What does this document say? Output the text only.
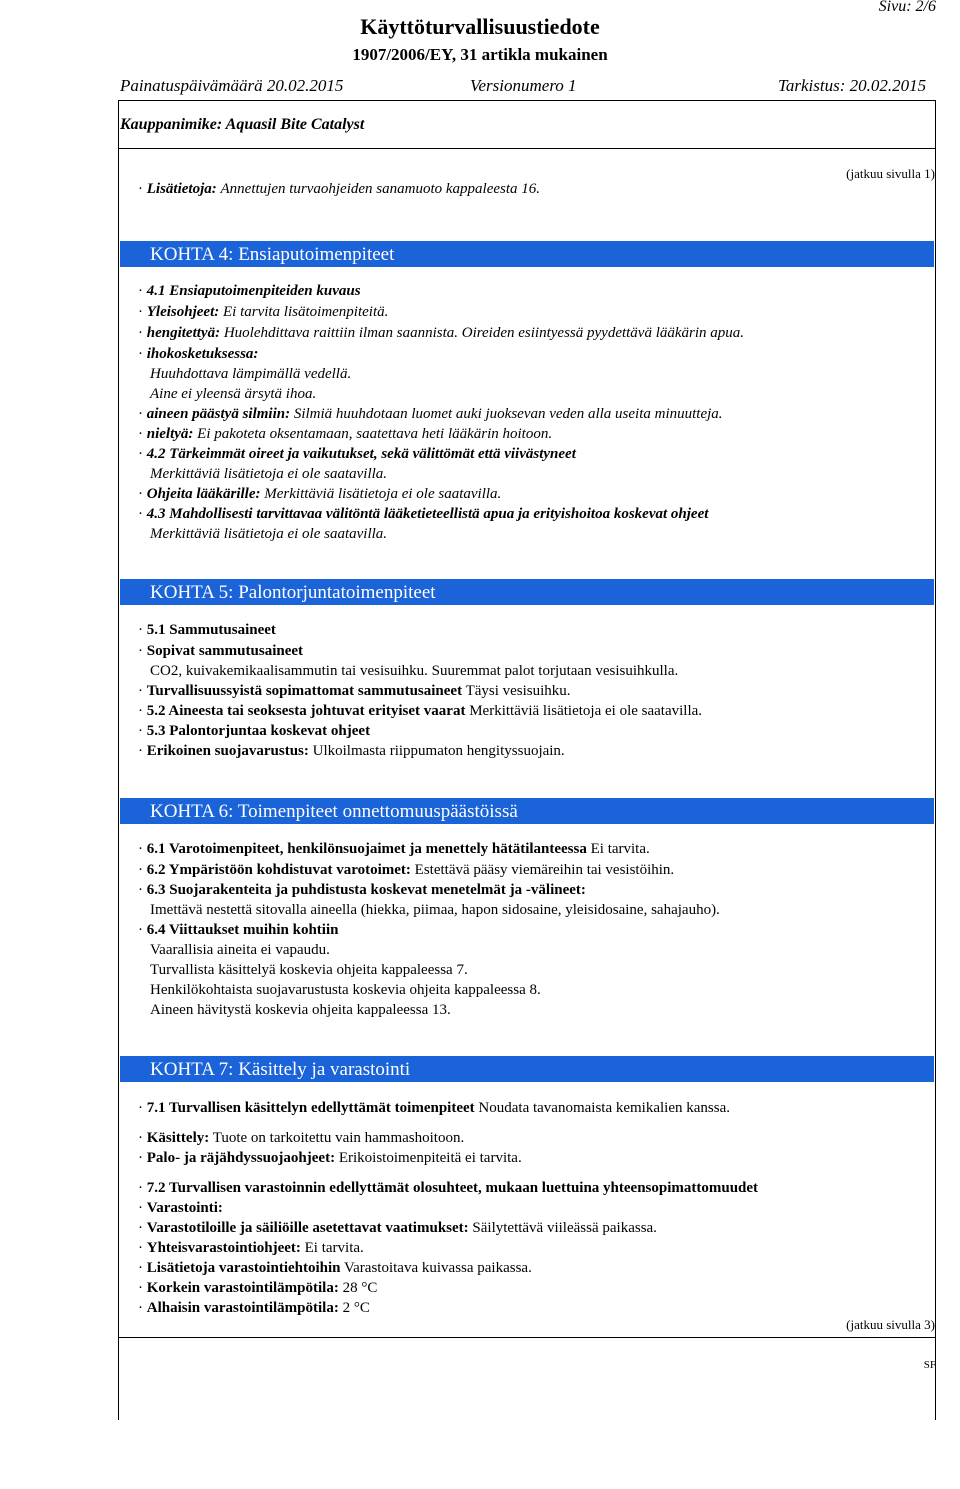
Sivu: 2/6
Käyttöturvallisuustiedote
1907/2006/EY, 31 artikla mukainen
Painatuspäivämäärä 20.02.2015	Versionumero 1	Tarkistus: 20.02.2015
Kauppanimike: Aquasil Bite Catalyst
(jatkuu sivulla 1)
· Lisätietoja: Annettujen turvaohjeiden sanamuoto kappaleesta 16.
KOHTA 4: Ensiaputoimenpiteet
· 4.1 Ensiaputoimenpiteiden kuvaus
· Yleisohjeet: Ei tarvita lisätoimenpiteitä.
· hengitettyä: Huolehdittava raittiin ilman saannista. Oireiden esiintyessä pyydettävä lääkärin apua.
· ihokosketuksessa:
Huuhdottava lämpimällä vedellä.
Aine ei yleensä ärsytä ihoa.
· aineen päästyä silmiin: Silmiä huuhdotaan luomet auki juoksevan veden alla useita minuutteja.
· nieltyä: Ei pakoteta oksentamaan, saatettava heti lääkärin hoitoon.
· 4.2 Tärkeimmät oireet ja vaikutukset, sekä välittömät että viivästyneet
Merkittäviä lisätietoja ei ole saatavilla.
· Ohjeita lääkärille: Merkittäviä lisätietoja ei ole saatavilla.
· 4.3 Mahdollisesti tarvittavaa välitöntä lääketieteellistä apua ja erityishoitoa koskevat ohjeet
Merkittäviä lisätietoja ei ole saatavilla.
KOHTA 5: Palontorjuntatoimenpiteet
· 5.1 Sammutusaineet
· Sopivat sammutusaineet
CO2, kuivakemikaalisammutin tai vesisuihku. Suuremmat palot torjutaan vesisuihkulla.
· Turvallisuussyistä sopimattomat sammutusaineet Täysi vesisuihku.
· 5.2 Aineesta tai seoksesta johtuvat erityiset vaarat Merkittäviä lisätietoja ei ole saatavilla.
· 5.3 Palontorjuntaa koskevat ohjeet
· Erikoinen suojavarustus: Ulkoilmasta riippumaton hengityssuojain.
KOHTA 6: Toimenpiteet onnettomuuspäästöissä
· 6.1 Varotoimenpiteet, henkilönsuojaimet ja menettely hätätilanteessa Ei tarvita.
· 6.2 Ympäristöön kohdistuvat varotoimet: Estettävä pääsy viemäreihin tai vesistöihin.
· 6.3 Suojarakenteita ja puhdistusta koskevat menetelmät ja -välineet:
Imettävä nestettä sitovalla aineella (hiekka, piimaa, hapon sidosaine, yleisidosaine, sahajauho).
· 6.4 Viittaukset muihin kohtiin
Vaarallisia aineita ei vapaudu.
Turvallista käsittelyä koskevia ohjeita kappaleessa 7.
Henkilökohtaista suojavarustusta koskevia ohjeita kappaleessa 8.
Aineen hävitystä koskevia ohjeita kappaleessa 13.
KOHTA 7: Käsittely ja varastointi
· 7.1 Turvallisen käsittelyn edellyttämät toimenpiteet Noudata tavanomaista kemikalien kanssa.
· Käsittely: Tuote on tarkoitettu vain hammashoitoon.
· Palo- ja räjähdyssuojaohjeet: Erikoistoimenpiteitä ei tarvita.
· 7.2 Turvallisen varastoinnin edellyttämät olosuhteet, mukaan luettuina yhteensopimattomuudet
· Varastointi:
· Varastotiloille ja säiliöille asetettavat vaatimukset: Säilytettävä viileässä paikassa.
· Yhteisvarastointiohjeet: Ei tarvita.
· Lisätietoja varastointiehtoihin Varastoitava kuivassa paikassa.
· Korkein varastointilämpötila: 28 °C
· Alhaisin varastointilämpötila: 2 °C
(jatkuu sivulla 3)
SF
